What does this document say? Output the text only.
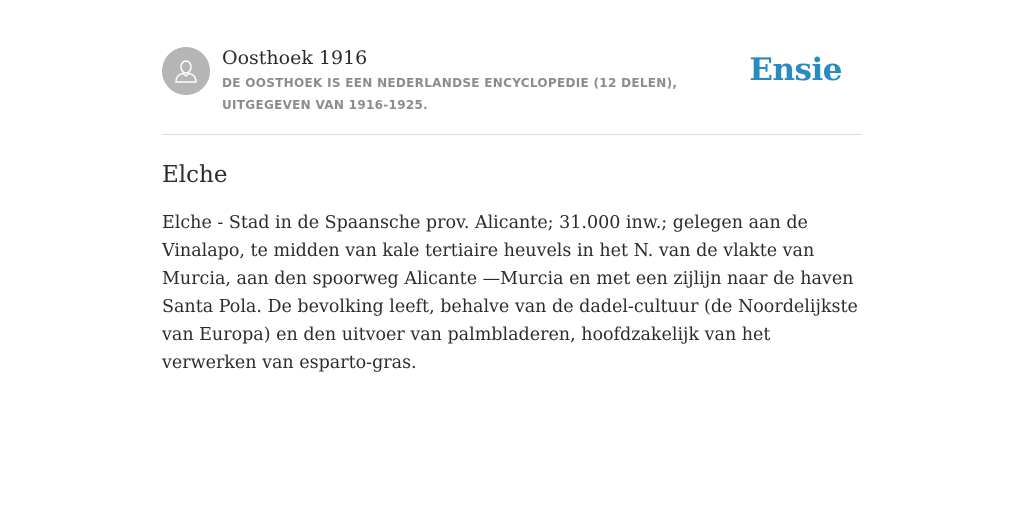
Oosthoek 1916
DE OOSTHOEK IS EEN NEDERLANDSE ENCYCLOPEDIE (12 DELEN), UITGEGEVEN VAN 1916-1925.
Ensie
Elche

Elche - Stad in de Spaansche prov. Alicante; 31.000 inw.; gelegen aan de Vinalapo, te midden van kale tertiaire heuvels in het N. van de vlakte van Murcia, aan den spoorweg Alicante —Murcia en met een zijlijn naar de haven Santa Pola. De bevolking leeft, behalve van de dadel-cultuur (de Noordelijkste van Europa) en den uitvoer van palmbladeren, hoofdzakelijk van het verwerken van esparto-gras.
